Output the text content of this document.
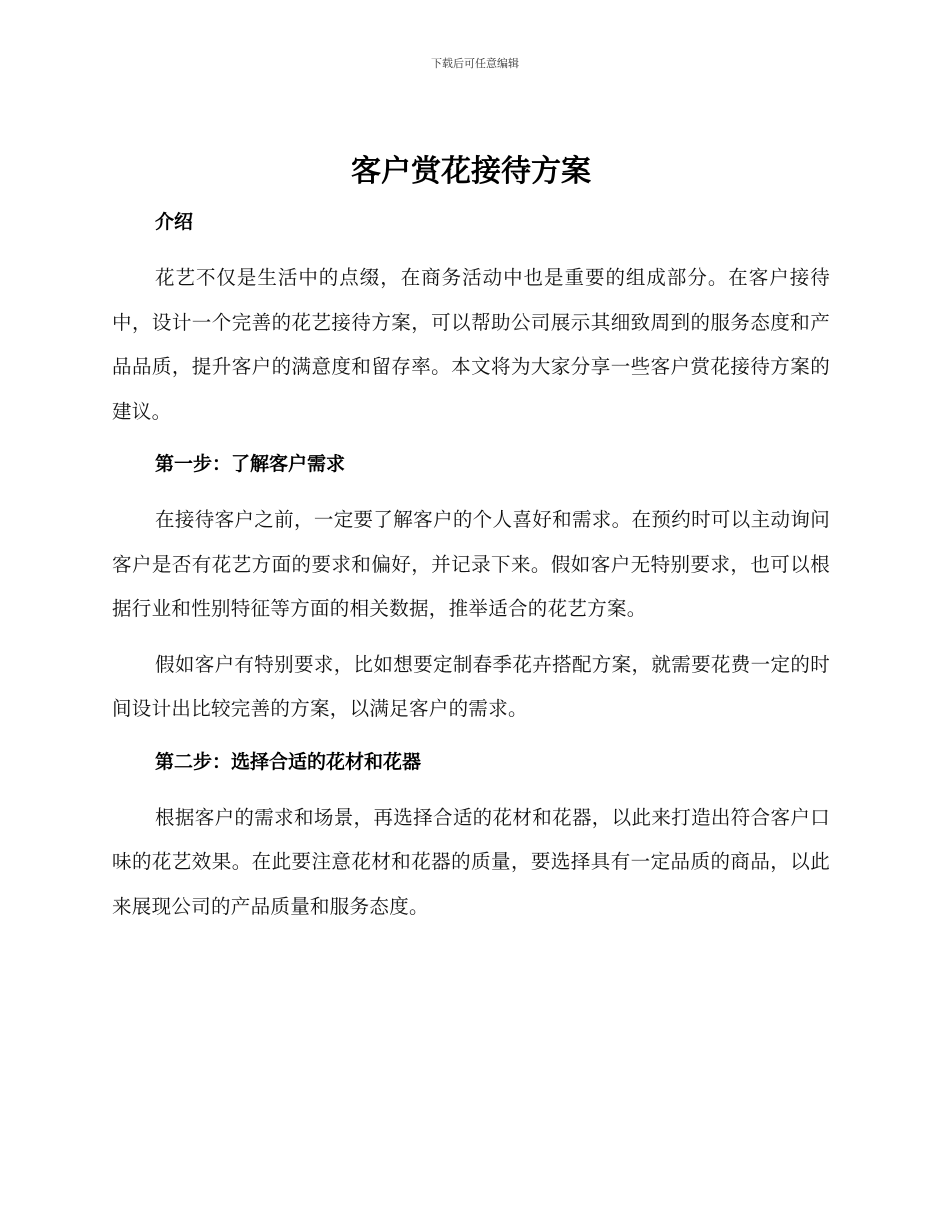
下载后可任意编辑
客户赏花接待方案
介绍

花艺不仅是生活中的点缀，在商务活动中也是重要的组成部分。在客户接待中，设计一个完善的花艺接待方案，可以帮助公司展示其细致周到的服务态度和产品品质，提升客户的满意度和留存率。本文将为大家分享一些客户赏花接待方案的建议。

第一步：了解客户需求

在接待客户之前，一定要了解客户的个人喜好和需求。在预约时可以主动询问客户是否有花艺方面的要求和偏好，并记录下来。假如客户无特别要求，也可以根据行业和性别特征等方面的相关数据，推举适合的花艺方案。

假如客户有特别要求，比如想要定制春季花卉搭配方案，就需要花费一定的时间设计出比较完善的方案，以满足客户的需求。

第二步：选择合适的花材和花器

根据客户的需求和场景，再选择合适的花材和花器，以此来打造出符合客户口味的花艺效果。在此要注意花材和花器的质量，要选择具有一定品质的商品，以此来展现公司的产品质量和服务态度。
